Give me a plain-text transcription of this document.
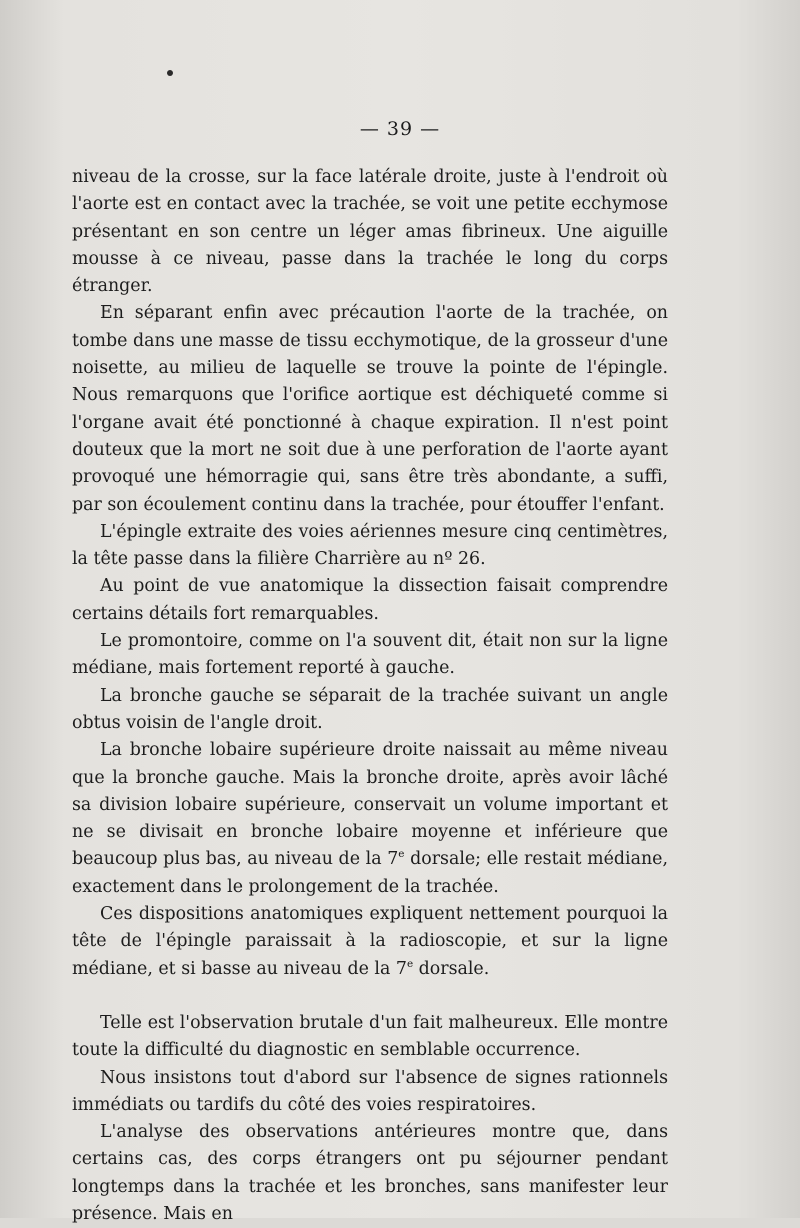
— 39 —

niveau de la crosse, sur la face latérale droite, juste à l'endroit où l'aorte est en contact avec la trachée, se voit une petite ecchymose présentant en son centre un léger amas fibrineux. Une aiguille mousse à ce niveau, passe dans la trachée le long du corps étranger.

En séparant enfin avec précaution l'aorte de la trachée, on tombe dans une masse de tissu ecchymotique, de la grosseur d'une noisette, au milieu de laquelle se trouve la pointe de l'épingle. Nous remarquons que l'orifice aortique est déchiqueté comme si l'organe avait été ponctionné à chaque expiration. Il n'est point douteux que la mort ne soit due à une perforation de l'aorte ayant provoqué une hémorragie qui, sans être très abondante, a suffi, par son écoulement continu dans la trachée, pour étouffer l'enfant.

L'épingle extraite des voies aériennes mesure cinq centimètres, la tête passe dans la filière Charrière au nº 26.

Au point de vue anatomique la dissection faisait comprendre certains détails fort remarquables.

Le promontoire, comme on l'a souvent dit, était non sur la ligne médiane, mais fortement reporté à gauche.

La bronche gauche se séparait de la trachée suivant un angle obtus voisin de l'angle droit.

La bronche lobaire supérieure droite naissait au même niveau que la bronche gauche. Mais la bronche droite, après avoir lâché sa division lobaire supérieure, conservait un volume important et ne se divisait en bronche lobaire moyenne et inférieure que beaucoup plus bas, au niveau de la 7e dorsale; elle restait médiane, exactement dans le prolongement de la trachée.

Ces dispositions anatomiques expliquent nettement pourquoi la tête de l'épingle paraissait à la radioscopie, et sur la ligne médiane, et si basse au niveau de la 7e dorsale.

Telle est l'observation brutale d'un fait malheureux. Elle montre toute la difficulté du diagnostic en semblable occurrence.

Nous insistons tout d'abord sur l'absence de signes rationnels immédiats ou tardifs du côté des voies respiratoires.

L'analyse des observations antérieures montre que, dans certains cas, des corps étrangers ont pu séjourner pendant longtemps dans la trachée et les bronches, sans manifester leur présence. Mais en
